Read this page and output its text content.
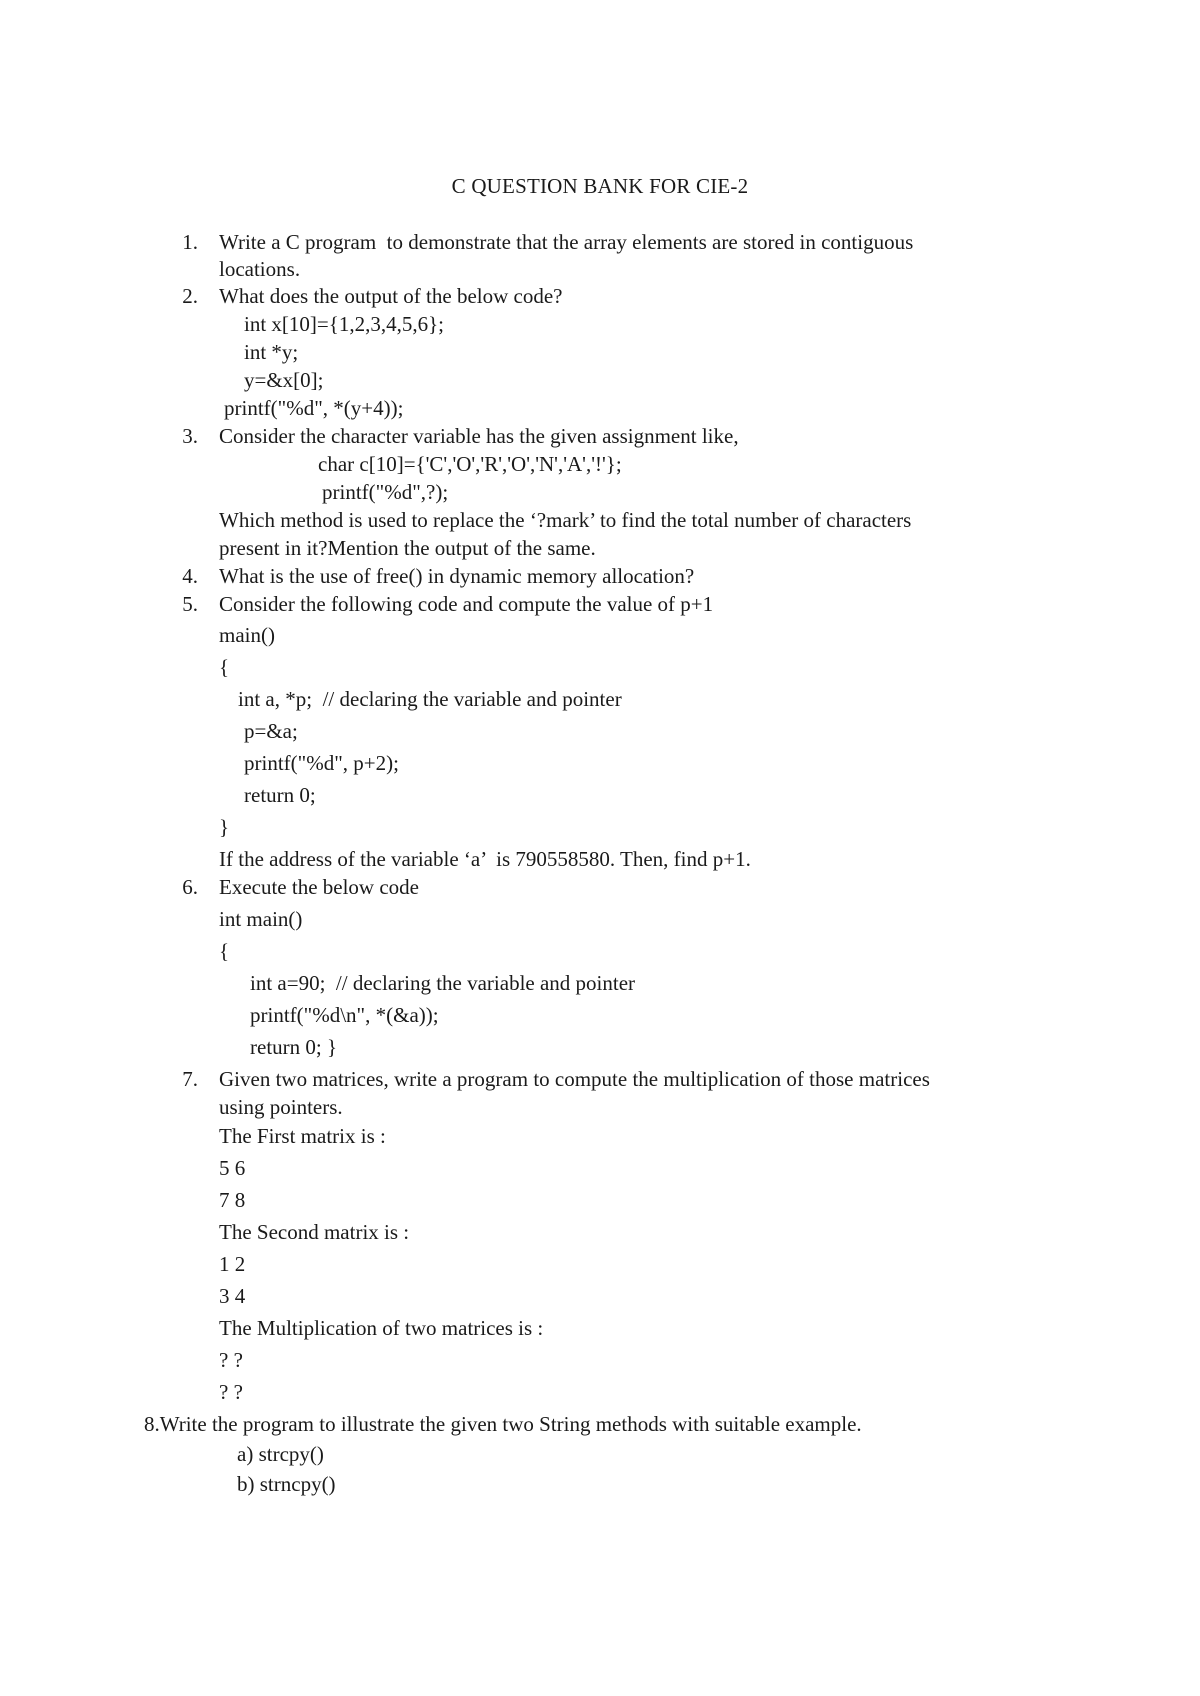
C QUESTION BANK FOR CIE-2
1. Write a C program  to demonstrate that the array elements are stored in contiguous
locations.
2. What does the output of the below code?
int x[10]={1,2,3,4,5,6};
int *y;
y=&x[0];
printf("%d", *(y+4));
3. Consider the character variable has the given assignment like,
char c[10]={'C','O','R','O','N','A','!'};
printf("%d",?);
Which method is used to replace the ‘?mark’ to find the total number of characters
present in it?Mention the output of the same.
4. What is the use of free() in dynamic memory allocation?
5. Consider the following code and compute the value of p+1
main()
{
int a, *p;  // declaring the variable and pointer
p=&a;
printf("%d", p+2);
return 0;
}
If the address of the variable ‘a’  is 790558580. Then, find p+1.
6. Execute the below code
int main()
{
int a=90;  // declaring the variable and pointer
printf("%d\n", *(&a));
return 0; }
7. Given two matrices, write a program to compute the multiplication of those matrices
using pointers.
The First matrix is :
5 6
7 8
The Second matrix is :
1 2
3 4
The Multiplication of two matrices is :
? ?
? ?
8.Write the program to illustrate the given two String methods with suitable example.
a) strcpy()
b) strncpy()
